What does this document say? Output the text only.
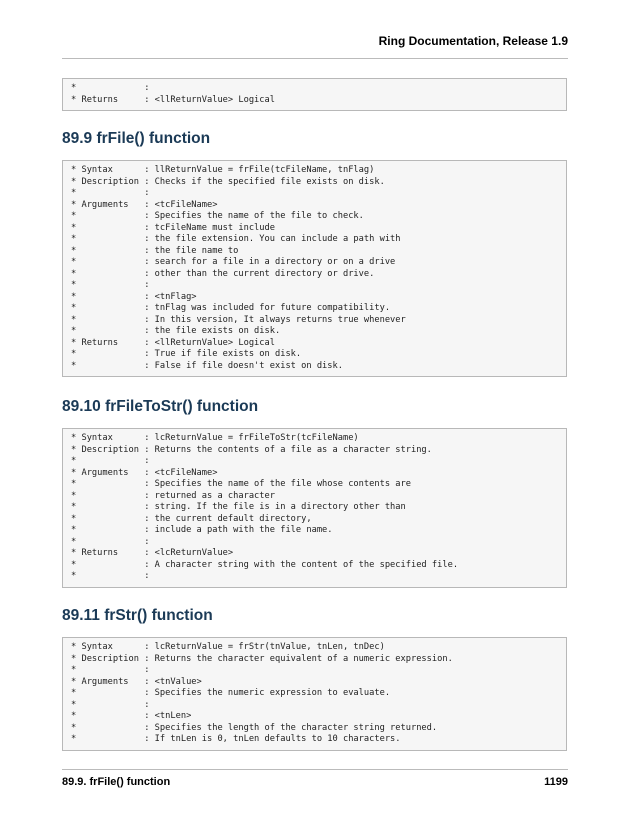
Ring Documentation, Release 1.9
*             :
* Returns     : <llReturnValue> Logical
89.9 frFile() function
* Syntax      : llReturnValue = frFile(tcFileName, tnFlag)
* Description : Checks if the specified file exists on disk.
*             :
* Arguments   : <tcFileName>
*             : Specifies the name of the file to check.
*             : tcFileName must include
*             : the file extension. You can include a path with
*             : the file name to
*             : search for a file in a directory or on a drive
*             : other than the current directory or drive.
*             :
*             : <tnFlag>
*             : tnFlag was included for future compatibility.
*             : In this version, It always returns true whenever
*             : the file exists on disk.
* Returns     : <llReturnValue> Logical
*             : True if file exists on disk.
*             : False if file doesn't exist on disk.
89.10 frFileToStr() function
* Syntax      : lcReturnValue = frFileToStr(tcFileName)
* Description : Returns the contents of a file as a character string.
*             :
* Arguments   : <tcFileName>
*             : Specifies the name of the file whose contents are
*             : returned as a character
*             : string. If the file is in a directory other than
*             : the current default directory,
*             : include a path with the file name.
*             :
* Returns     : <lcReturnValue>
*             : A character string with the content of the specified file.
*             :
89.11 frStr() function
* Syntax      : lcReturnValue = frStr(tnValue, tnLen, tnDec)
* Description : Returns the character equivalent of a numeric expression.
*             :
* Arguments   : <tnValue>
*             : Specifies the numeric expression to evaluate.
*             :
*             : <tnLen>
*             : Specifies the length of the character string returned.
*             : If tnLen is 0, tnLen defaults to 10 characters.
89.9. frFile() function	1199
